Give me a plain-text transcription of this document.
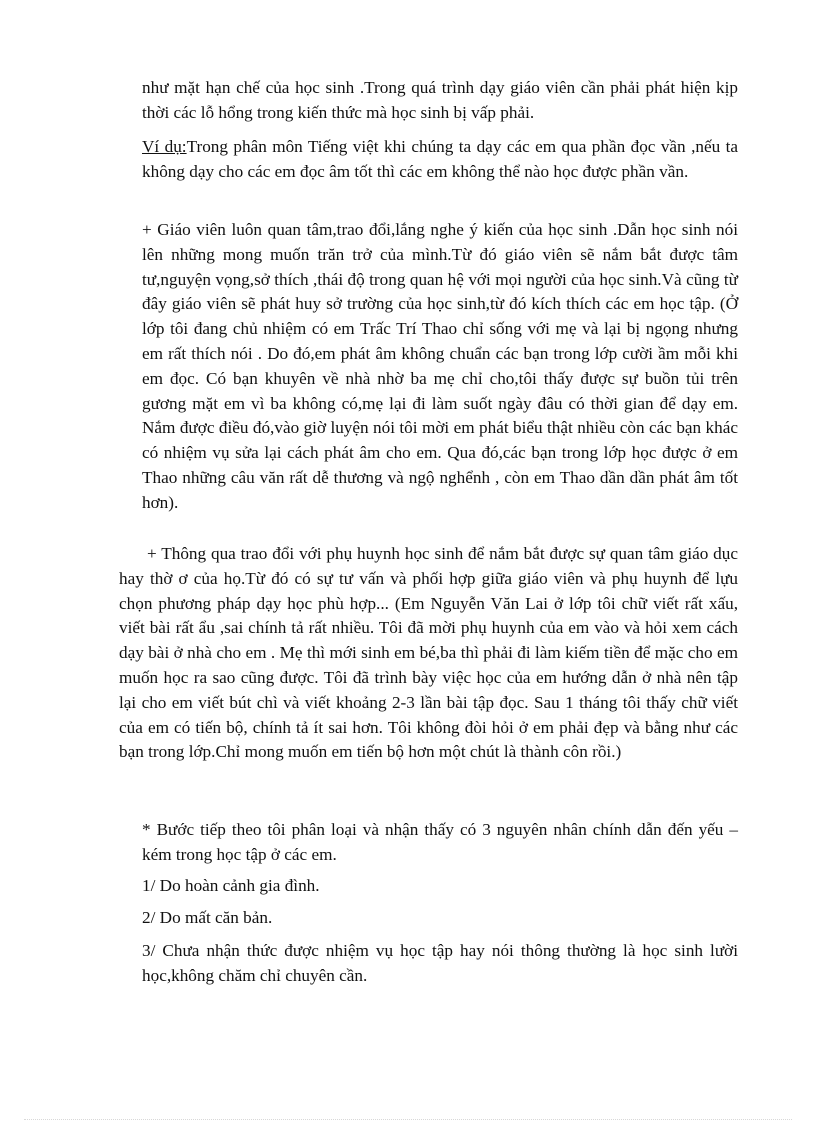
như mặt hạn chế của học sinh .Trong quá trình dạy giáo viên cần phải phát hiện kịp thời các lỗ hổng trong kiến thức mà học sinh bị vấp phải.

Ví dụ:Trong phân môn Tiếng việt khi chúng ta dạy các em qua phần đọc vần ,nếu ta không dạy cho các em đọc âm tốt thì các em không thể nào học được phần vần.

+ Giáo viên luôn quan tâm,trao đổi,lắng nghe ý kiến của học sinh .Dẫn học sinh nói lên những mong muốn trăn trở của mình.Từ đó giáo viên sẽ nắm bắt được tâm tư,nguyện vọng,sở thích ,thái độ trong quan hệ với mọi người của học sinh.Và cũng từ đây giáo viên sẽ phát huy sở trường của học sinh,từ đó kích thích các em học tập. (Ở lớp tôi đang chủ nhiệm có em Trấc Trí Thao chỉ sống với mẹ và lại bị ngọng nhưng em rất thích nói . Do đó,em phát âm không chuẩn các bạn trong lớp cười ầm mỗi khi em đọc. Có bạn khuyên về nhà nhờ ba mẹ chỉ cho,tôi thấy được sự buồn tủi trên gương mặt em vì ba không có,mẹ lại đi làm suốt ngày đâu có thời gian để dạy em. Nắm được điều đó,vào giờ luyện nói tôi mời em phát biểu thật nhiều còn các bạn khác có nhiệm vụ sửa lại cách phát âm cho em. Qua đó,các bạn trong lớp học được ở em Thao những câu văn rất dễ thương và ngộ nghểnh , còn em Thao dần dần phát âm tốt hơn).

+ Thông qua trao đổi với phụ huynh học sinh để nắm bắt được sự quan tâm giáo dục hay thờ ơ của họ.Từ đó có sự tư vấn và phối hợp giữa giáo viên và phụ huynh để lựu chọn phương pháp dạy học phù hợp... (Em Nguyễn Văn Lai ở lớp tôi chữ viết rất xấu, viết bài rất ẩu ,sai chính tả rất nhiều. Tôi đã mời phụ huynh của em vào và hỏi xem cách dạy bài ở nhà cho em . Mẹ thì mới sinh em bé,ba thì phải đi làm kiếm tiền để mặc cho em muốn học ra sao cũng được. Tôi đã trình bày việc học của em hướng dẫn ở nhà nên tập lại cho em viết bút chì và viết khoảng 2-3 lần bài tập đọc. Sau 1 tháng tôi thấy chữ viết của em có tiến bộ, chính tả ít sai hơn. Tôi không đòi hỏi ở em phải đẹp và bằng như các bạn trong lớp.Chỉ mong muốn em tiến bộ hơn một chút là thành côn rồi.)

* Bước tiếp theo tôi phân loại và nhận thấy có 3 nguyên nhân chính dẫn đến yếu – kém trong học tập ở các em.

1/ Do hoàn cảnh gia đình.

2/ Do mất căn bản.

3/ Chưa nhận thức được nhiệm vụ học tập hay nói thông thường là học sinh lười học,không chăm chỉ chuyên cần.
